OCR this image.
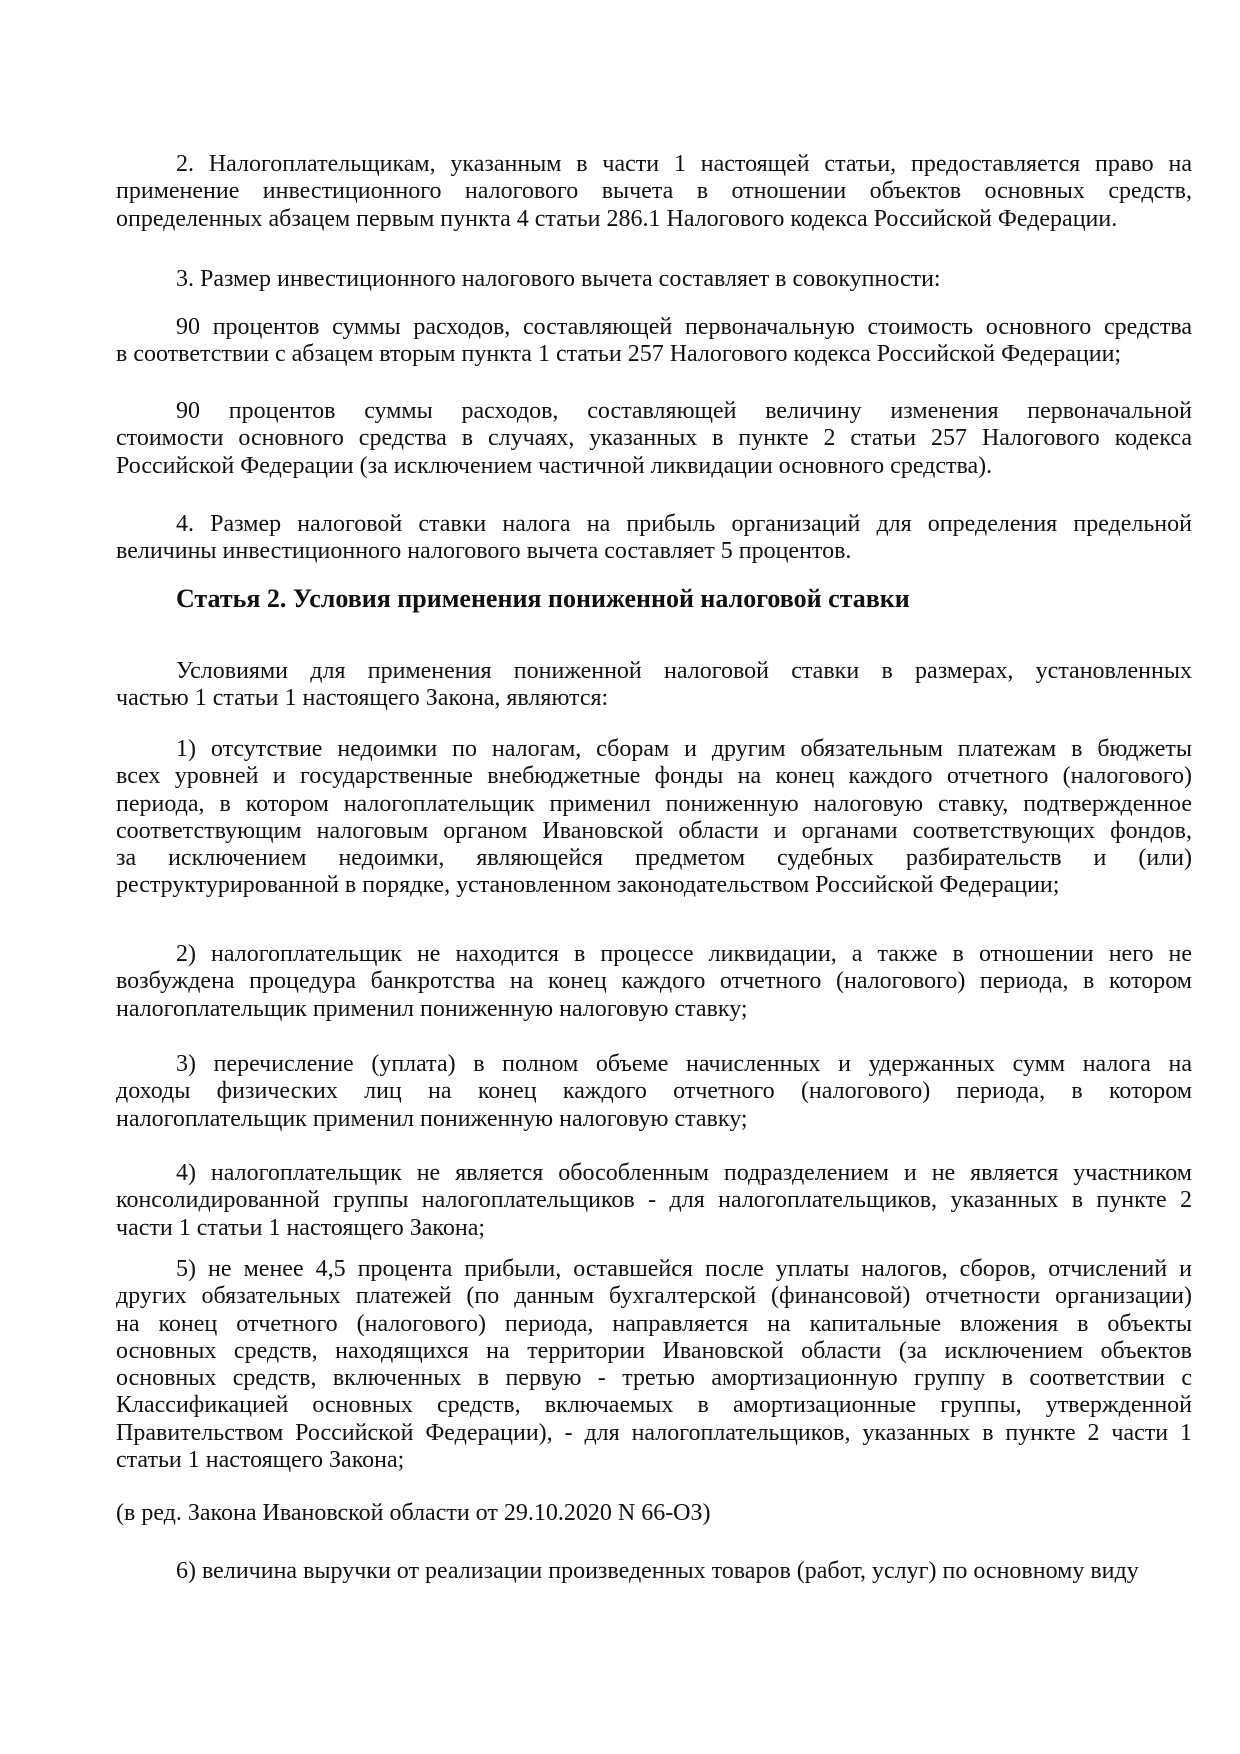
2. Налогоплательщикам, указанным в части 1 настоящей статьи, предоставляется право на
применение инвестиционного налогового вычета в отношении объектов основных средств,
определенных абзацем первым пункта 4 статьи 286.1 Налогового кодекса Российской Федерации.
3. Размер инвестиционного налогового вычета составляет в совокупности:
90 процентов суммы расходов, составляющей первоначальную стоимость основного средства
в соответствии с абзацем вторым пункта 1 статьи 257 Налогового кодекса Российской Федерации;
90 процентов суммы расходов, составляющей величину изменения первоначальной
стоимости основного средства в случаях, указанных в пункте 2 статьи 257 Налогового кодекса
Российской Федерации (за исключением частичной ликвидации основного средства).
4. Размер налоговой ставки налога на прибыль организаций для определения предельной
величины инвестиционного налогового вычета составляет 5 процентов.
Статья 2. Условия применения пониженной налоговой ставки
Условиями для применения пониженной налоговой ставки в размерах, установленных
частью 1 статьи 1 настоящего Закона, являются:
1) отсутствие недоимки по налогам, сборам и другим обязательным платежам в бюджеты
всех уровней и государственные внебюджетные фонды на конец каждого отчетного (налогового)
периода, в котором налогоплательщик применил пониженную налоговую ставку, подтвержденное
соответствующим налоговым органом Ивановской области и органами соответствующих фондов,
за исключением недоимки, являющейся предметом судебных разбирательств и (или)
реструктурированной в порядке, установленном законодательством Российской Федерации;
2) налогоплательщик не находится в процессе ликвидации, а также в отношении него не
возбуждена процедура банкротства на конец каждого отчетного (налогового) периода, в котором
налогоплательщик применил пониженную налоговую ставку;
3) перечисление (уплата) в полном объеме начисленных и удержанных сумм налога на
доходы физических лиц на конец каждого отчетного (налогового) периода, в котором
налогоплательщик применил пониженную налоговую ставку;
4) налогоплательщик не является обособленным подразделением и не является участником
консолидированной группы налогоплательщиков - для налогоплательщиков, указанных в пункте 2
части 1 статьи 1 настоящего Закона;
5) не менее 4,5 процента прибыли, оставшейся после уплаты налогов, сборов, отчислений и
других обязательных платежей (по данным бухгалтерской (финансовой) отчетности организации)
на конец отчетного (налогового) периода, направляется на капитальные вложения в объекты
основных средств, находящихся на территории Ивановской области (за исключением объектов
основных средств, включенных в первую - третью амортизационную группу в соответствии с
Классификацией основных средств, включаемых в амортизационные группы, утвержденной
Правительством Российской Федерации), - для налогоплательщиков, указанных в пункте 2 части 1
статьи 1 настоящего Закона;
(в ред. Закона Ивановской области от 29.10.2020 N 66-ОЗ)
6) величина выручки от реализации произведенных товаров (работ, услуг) по основному виду
